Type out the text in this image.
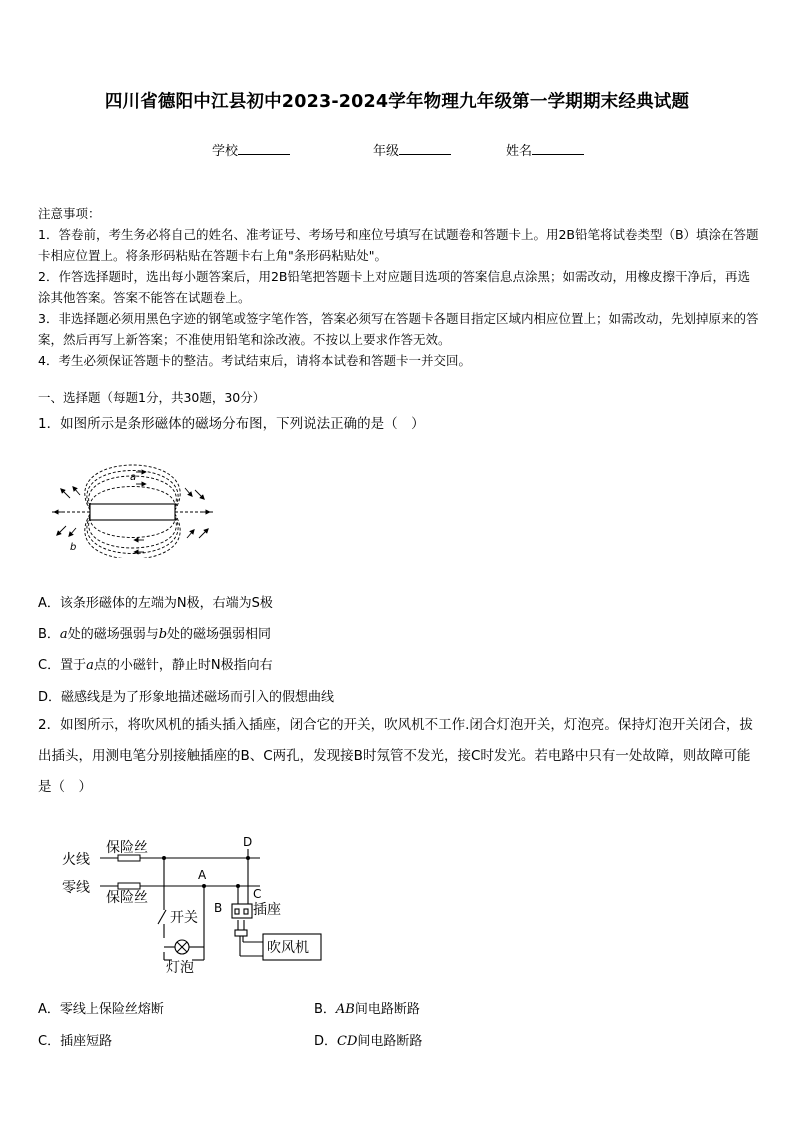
四川省德阳中江县初中2023-2024学年物理九年级第一学期期末经典试题
学校	年级	姓名

注意事项：

1．答卷前，考生务必将自己的姓名、准考证号、考场号和座位号填写在试题卷和答题卡上。用2B铅笔将试卷类型（B）填涂在答题卡相应位置上。将条形码粘贴在答题卡右上角"条形码粘贴处"。

2．作答选择题时，选出每小题答案后，用2B铅笔把答题卡上对应题目选项的答案信息点涂黑；如需改动，用橡皮擦干净后，再选涂其他答案。答案不能答在试题卷上。

3．非选择题必须用黑色字迹的钢笔或签字笔作答，答案必须写在答题卡各题目指定区域内相应位置上；如需改动，先划掉原来的答案，然后再写上新答案；不准使用铅笔和涂改液。不按以上要求作答无效。

4．考生必须保证答题卡的整洁。考试结束后，请将本试卷和答题卡一并交回。

一、选择题（每题1分，共30题，30分）
1．如图所示是条形磁体的磁场分布图，下列说法正确的是（　）
a
b
A．该条形磁体的左端为N极，右端为S极
B．a处的磁场强弱与b处的磁场强弱相同
C．置于a点的小磁针，静止时N极指向右
D．磁感线是为了形象地描述磁场而引入的假想曲线
2．如图所示，将吹风机的插头插入插座，闭合它的开关，吹风机不工作.闭合灯泡开关，灯泡亮。保持灯泡开关闭合，拔出插头，用测电笔分别接触插座的B、C两孔，发现接B时氖管不发光，接C时发光。若电路中只有一处故障，则故障可能是（　）
火线
零线
保险丝
保险丝
开关
灯泡
插座
吹风机
A
B
C
D
A．零线上保险丝熔断	B．AB间电路断路
C．插座短路	D．CD间电路断路
